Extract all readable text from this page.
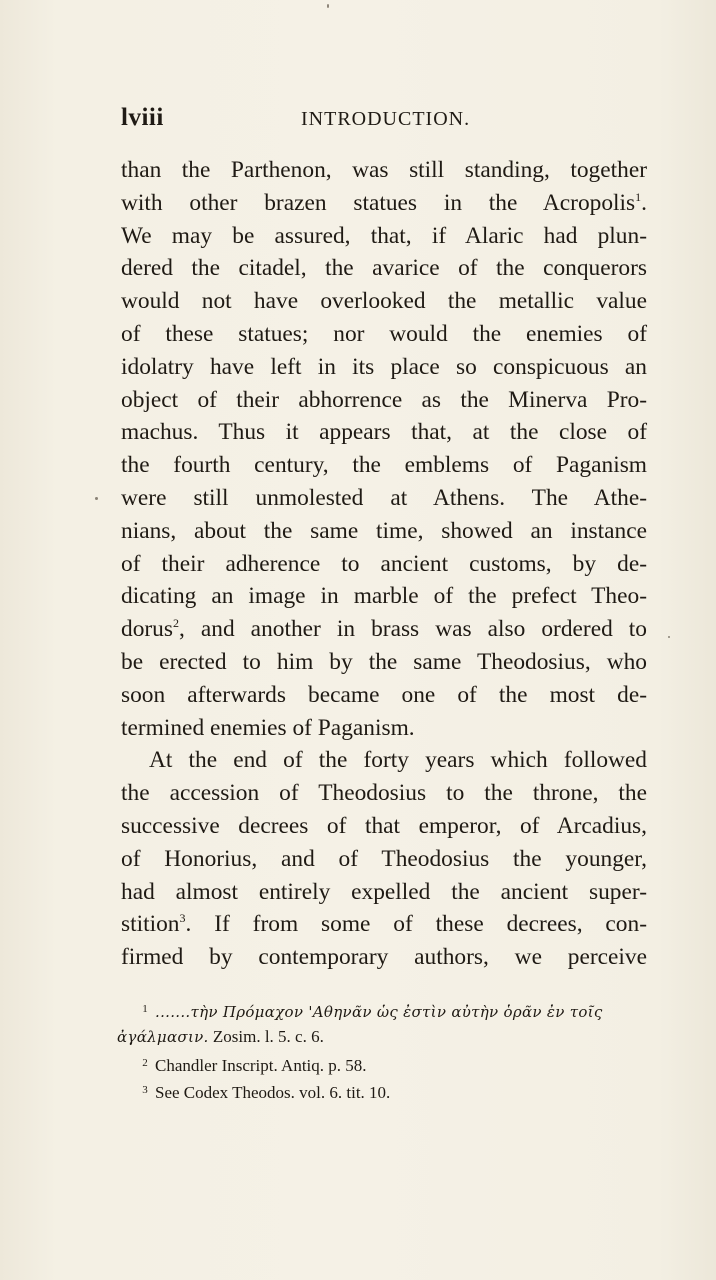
lviii	INTRODUCTION.
than the Parthenon, was still standing, together
with other brazen statues in the Acropolis$^1$.
We may be assured, that, if Alaric had plun-
dered the citadel, the avarice of the conquerors
would not have overlooked the metallic value
of these statues; nor would the enemies of
idolatry have left in its place so conspicuous an
object of their abhorrence as the Minerva Pro-
machus. Thus it appears that, at the close of
the fourth century, the emblems of Paganism
were still unmolested at Athens. The Athe-
nians, about the same time, showed an instance
of their adherence to ancient customs, by de-
dicating an image in marble of the prefect Theo-
dorus$^2$, and another in brass was also ordered to
be erected to him by the same Theodosius, who
soon afterwards became one of the most de-
termined enemies of Paganism.
At the end of the forty years which followed
the accession of Theodosius to the throne, the
successive decrees of that emperor, of Arcadius,
of Honorius, and of Theodosius the younger,
had almost entirely expelled the ancient super-
stition$^3$. If from some of these decrees, con-
firmed by contemporary authors, we perceive
1 .......τὴν Πρόμαχον 'Αθηνᾶν ὡς ἐστὶν αὐτὴν ὁρᾶν ἐν τοῖς
ἀγάλμασιν. Zosim. l. 5. c. 6.
2 Chandler Inscript. Antiq. p. 58.
3 See Codex Theodos. vol. 6. tit. 10.
